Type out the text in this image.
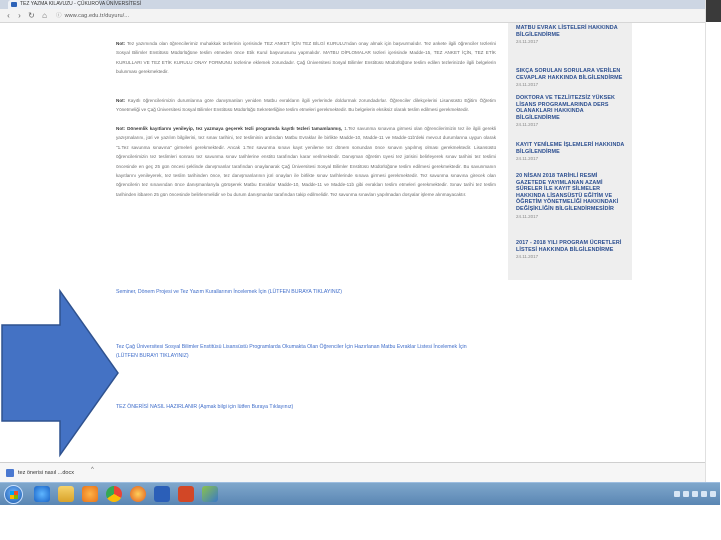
TEZ YAZMA KILAVUZU - ÇÜKUROVA ÜNİVERSİTESİ
‹	› ↻ ⌂	ⓘ www.cag.edu.tr/duyuru/...
Not: Tez yazımında olan öğrencilerimiz muhakkak tezlerinin içerisinde TEZ ANKET İÇİN TEZ BİLGİ KURULU'ndan onay almak için başvurmalıdır. Tez ankete ilgili öğrenciler tezlerini Sosyal Bilimler Enstitüsü Müdürlüğüne teslim etmeden önce Etik Kurul başvurusunu yapmalıdır. MATBU DİPLOMALAR tezleri içerisinde Madde-15, TEZ ANKET İÇİN, TEZ ETİK KURULLARI VE TEZ ETİK KURULU ONAY FORMUNU tezlerine eklemek zorundadır. Çağ Üniversitesi Sosyal Bilimler Enstitüsü Müdürlüğüne teslim edilen tezlerinizde ilgili belgelerin bulunması gerekmektedir.
Not: Kayıtlı öğrencilerimizin durumlarına göre danışmanları yeniden Matbu evrakların ilgili yerlerinde doldurmak zorundadırlar. Öğrenciler dilekçelerini Lisansüstü Eğitim Öğretim Yönetmeliği ve Çağ Üniversitesi Sosyal Bilimler Enstitüsü Müdürlüğü Sekreterliğine teslim etmeleri gerekmektedir. Bu belgelerin eksiksiz olarak teslim edilmesi gerekmektedir.
Not: Dönemlik kayıtlarını yenileyip, tez yazmaya geçerek tezli programda kayıtlı tezleri tamamlanmış, 1.Tez savunma sınavına girmesi olan öğrencilerimizin tez ile ilgili gerekli yazışmalarını, jüri ve yazılım bilgilerini, tez sınav tarihini, tez tesliminin ardından Matbu Evraklar ile birlikte Madde-10, Madde-11 ve Madde-11b'deki mevcut durumlarına uygun olarak "1.Tez savunma sınavına" girmeleri gerekmektedir. Ancak 1.Tez savunma sınavı kayıt yenileme tez dönem sonundan önce sınavın yapılmış olması gerekmektedir. Lisansüstü öğrencilerimizin tez teslimleri sonrası tez savunma sınav tarihlerine enstitü tarafından karar verilmektedir. Danışman öğretim üyesi tez jürisini belirleyerek sınav tarihini tez teslimi öncesinde en geç 25 gün öncesi şeklinde danışmanlar tarafından onaylanarak Çağ Üniversitesi Sosyal Bilimler Enstitüsü Müdürlüğüne teslim edilmesi gerekmektedir. Bu savunmanın kayıtlarını yenileyerek, tez teslim tarihinden önce, tez danışmanlarının jüri onayları ile birlikte sınav tarihlerinde sınava girmesi gerekmektedir. Tez savunma sınavına girecek olan öğrencilerin tez sınavından önce danışmanlarıyla görüşerek Matbu Evraklar Madde-10, Madde-11 ve Madde-11b gibi evrakları teslim etmeleri gerekmektedir. Sınav tarihi tez teslim tarihinden itibaren 25 gün öncesinde belirlenmelidir ve bu durum danışmanlar tarafından takip edilmelidir. Tez savunma sınavları yapılmadan dosyalar işleme alınmayacaktır.
MATBU EVRAK LİSTELERİ HAKKINDA BİLGİLENDİRME
24.11.2017
SIKÇA SORULAN SORULARA VERİLEN CEVAPLAR HAKKINDA BİLGİLENDİRME
24.11.2017
DOKTORA VE TEZLİ/TEZSİZ YÜKSEK LİSANS PROGRAMLARINDA DERS OLANAKLARI HAKKINDA BİLGİLENDİRME
24.11.2017
KAYIT YENİLEME İŞLEMLERİ HAKKINDA BİLGİLENDİRME
24.11.2017
20 NİSAN 2018 TARİHLİ RESMİ GAZETEDE YAYIMLANAN AZAMİ SÜRELER İLE KAYIT SİLMELER HAKKINDA LİSANSÜSTÜ EĞİTİM VE ÖĞRETİM YÖNETMELİĞİ HAKKINDAKİ DEĞİŞİKLİĞİN BİLGİLENDİRMESİDİR
24.11.2017
2017 - 2018 YILI PROGRAM ÜCRETLERİ LİSTESİ HAKKINDA BİLGİLENDİRME
24.11.2017
Seminer, Dönem Projesi ve Tez Yazım Kurallarının İncelemek İçin (LÜTFEN BURAYA TIKLAYINIZ)
Tez Çağ Üniversitesi Sosyal Bilimler Enstitüsü Lisansüstü Programlarda Okumakta Olan Öğrenciler İçin Hazırlanan Matbu Evraklar Listesi İncelemek İçin
(LÜTFEN BURAYI TIKLAYINIZ)
TEZ ÖNERİSİ NASIL HAZIRLANIR (Aşmak bilgi için lütfen Buraya Tıklayınız)
tez önerisi nasıl ...docx	^
